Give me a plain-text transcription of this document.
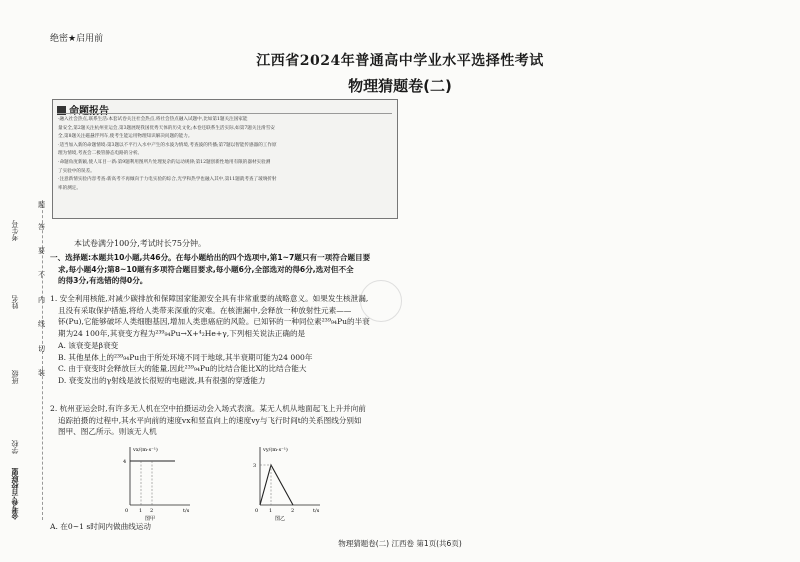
绝密★启用前
江西省2024年普通高中学业水平选择性考试
物理猜题卷(二)
命题报告

·融入社会热点,联系生活:本套试卷关注社会热点,将社会热点融入试题中,比如第1题关注国家能

量安全,第2题关注杭州亚运会,第3题展现我国优秀天体的历史文化;本卷还联系生活实际,如第7题关注滑雪安

全,第8题关注磁悬浮列车,使考生能运用物理知识解决问题的能力。

·适当加入新的命题情境:第3题以不平行入水中产生的水波为情境,考查波的传播;第7题以智能传感器的工作原

理为情境,考查会二极管静态电路的分析。

·命题角度新颖,使人耳目一新:第9题利用图所片处理复杂的运动规律;第12题创新性地用有限的器材实验测

了实验中的误差。

·注意新情实验内容考查:新高考不再倾向于力电实验的综合,光学和热学也融入其中,第11题就考查了玻璃折射

率的测定。

考生号
姓名
班级
学校
金考卷·百校联盟
题
答
要
不
内
线
切
装
本试卷满分100分,考试时长75分钟。
一、选择题:本题共10小题,共46分。在每小题给出的四个选项中,第1~7题只有一项符合题目要
求,每小题4分;第8~10题有多项符合题目要求,每小题6分,全部选对的得6分,选对但不全
的得3分,有选错的得0分。

1. 安全利用核能,对减少碳排放和保障国家能源安全具有非常重要的战略意义。如果发生核泄漏,

且没有采取保护措施,将给人类带来深重的灾难。在核泄漏中,会释放一种放射性元素——

钚(Pu),它能够破坏人类细胞基因,增加人类患癌症的风险。已知钚的一种同位素²³⁹₉₄Pu的半衰

期为24 100年,其衰变方程为²³⁹₉₄Pu→X+⁴₂He+γ,下列相关说法正确的是

A. 该衰变是β衰变

B. 其他星体上的²³⁹₉₄Pu由于所处环境不同于地球,其半衰期可能为24 000年

C. 由于衰变时会释放巨大的能量,因此²³⁹₉₄Pu的比结合能比X的比结合能大

D. 衰变发出的γ射线是波长很短的电磁波,具有很强的穿透能力

2. 杭州亚运会时,有许多无人机在空中拍摄运动会入场式表演。某无人机从地面起飞上升并向前

追踪拍摄的过程中,其水平向前的速度vx和竖直向上的速度vy与飞行时间t的关系图线分别如

图甲、图乙所示。则该无人机

vx/(m·s⁻¹)
4
0 1 2	t/s
图甲
vy/(m·s⁻¹)
3
0 1	2	t/s
图乙
A. 在0~1 s时间内做曲线运动
物理猜题卷(二) 江西卷 第1页(共6页)
